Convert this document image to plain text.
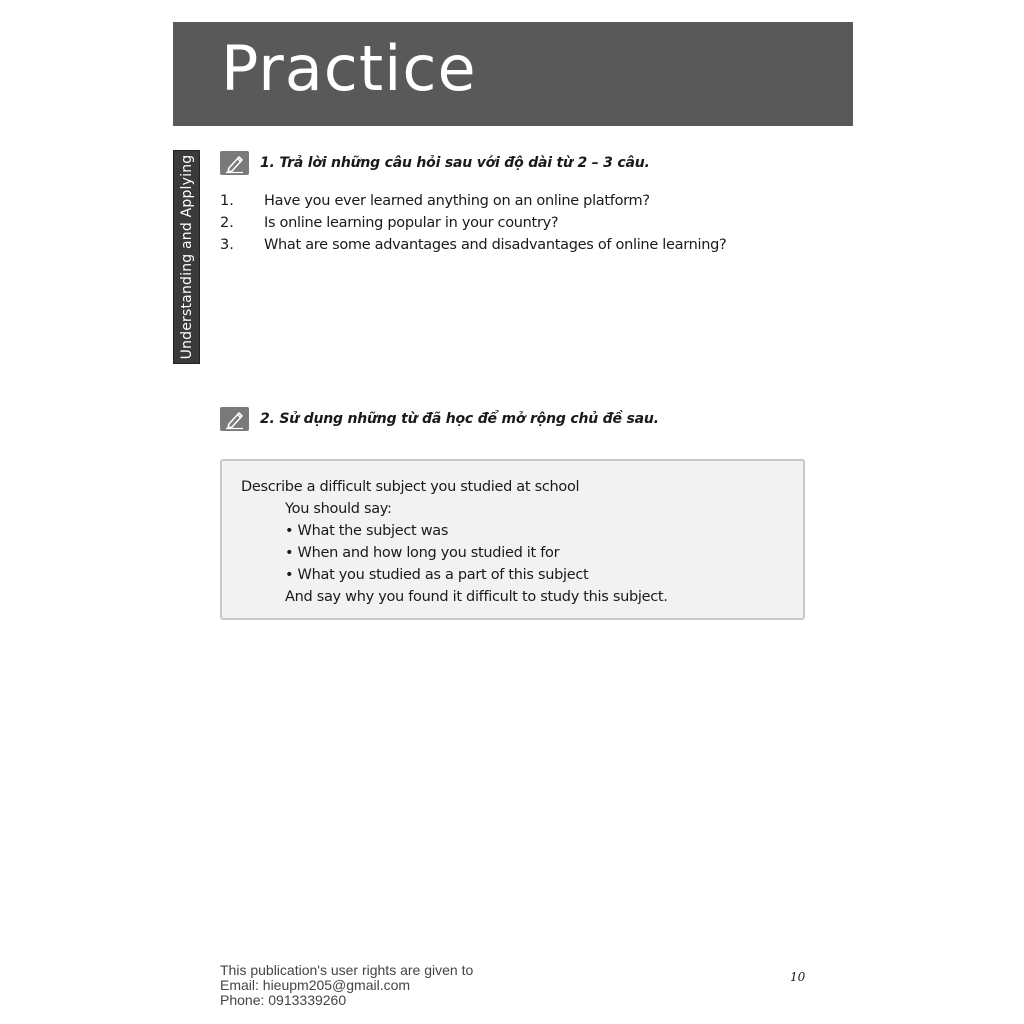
Practice
Understanding and Applying	1. Trả lời những câu hỏi sau với độ dài từ 2 – 3 câu.
1. Have you ever learned anything on an online platform?
2. Is online learning popular in your country?
3. What are some advantages and disadvantages of online learning?
2. Sử dụng những từ đã học để mở rộng chủ đề sau.
Describe a difficult subject you studied at school
You should say:
• What the subject was
• When and how long you studied it for
• What you studied as a part of this subject
And say why you found it difficult to study this subject.
This publication's user rights are given to
Email: hieupm205@gmail.com
Phone: 0913339260
10
